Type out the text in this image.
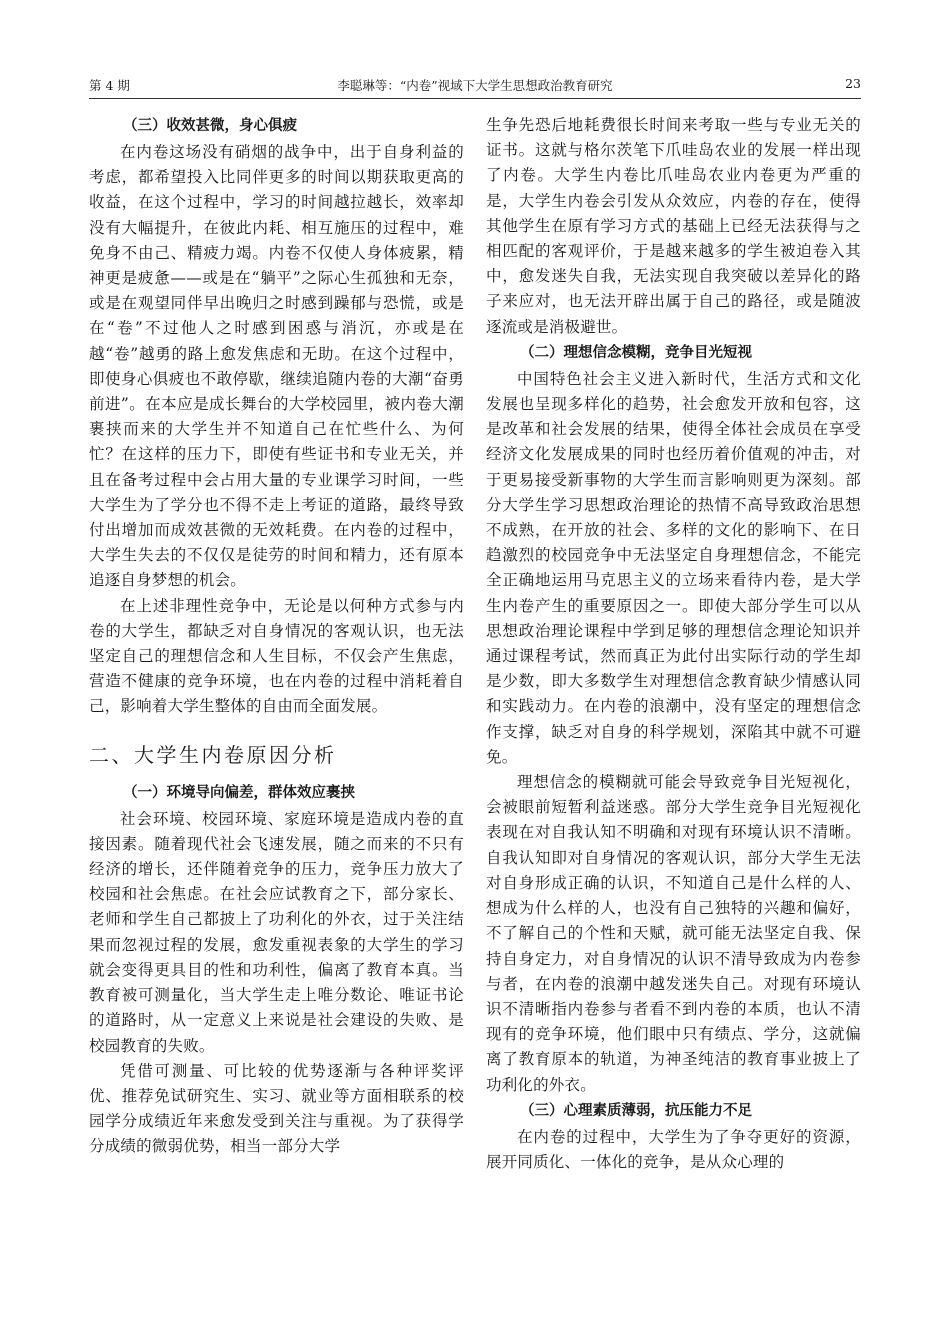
第 4 期	李聪琳等：“内卷”视域下大学生思想政治教育研究	23
（三）收效甚微，身心俱疲

在内卷这场没有硝烟的战争中，出于自身利益的考虑，都希望投入比同伴更多的时间以期获取更高的收益，在这个过程中，学习的时间越拉越长，效率却没有大幅提升，在彼此内耗、相互施压的过程中，难免身不由己、精疲力竭。内卷不仅使人身体疲累，精神更是疲惫——或是在“躺平”之际心生孤独和无奈，或是在观望同伴早出晚归之时感到躁郁与恐慌，或是在“卷”不过他人之时感到困惑与消沉，亦或是在越“卷”越勇的路上愈发焦虑和无助。在这个过程中，即使身心俱疲也不敢停歇，继续追随内卷的大潮“奋勇前进”。在本应是成长舞台的大学校园里，被内卷大潮裹挟而来的大学生并不知道自己在忙些什么、为何忙？在这样的压力下，即使有些证书和专业无关，并且在备考过程中会占用大量的专业课学习时间，一些大学生为了学分也不得不走上考证的道路，最终导致付出增加而成效甚微的无效耗费。在内卷的过程中，大学生失去的不仅仅是徒劳的时间和精力，还有原本追逐自身梦想的机会。

在上述非理性竞争中，无论是以何种方式参与内卷的大学生，都缺乏对自身情况的客观认识，也无法坚定自己的理想信念和人生目标，不仅会产生焦虑，营造不健康的竞争环境，也在内卷的过程中消耗着自己，影响着大学生整体的自由而全面发展。

二、大学生内卷原因分析
（一）环境导向偏差，群体效应裹挟

社会环境、校园环境、家庭环境是造成内卷的直接因素。随着现代社会飞速发展，随之而来的不只有经济的增长，还伴随着竞争的压力，竞争压力放大了校园和社会焦虑。在社会应试教育之下，部分家长、老师和学生自己都披上了功利化的外衣，过于关注结果而忽视过程的发展，愈发重视表象的大学生的学习就会变得更具目的性和功利性，偏离了教育本真。当教育被可测量化，当大学生走上唯分数论、唯证书论的道路时，从一定意义上来说是社会建设的失败、是校园教育的失败。

凭借可测量、可比较的优势逐渐与各种评奖评优、推荐免试研究生、实习、就业等方面相联系的校园学分成绩近年来愈发受到关注与重视。为了获得学分成绩的微弱优势，相当一部分大学

生争先恐后地耗费很长时间来考取一些与专业无关的证书。这就与格尔茨笔下爪哇岛农业的发展一样出现了内卷。大学生内卷比爪哇岛农业内卷更为严重的是，大学生内卷会引发从众效应，内卷的存在，使得其他学生在原有学习方式的基础上已经无法获得与之相匹配的客观评价，于是越来越多的学生被迫卷入其中，愈发迷失自我，无法实现自我突破以差异化的路子来应对，也无法开辟出属于自己的路径，或是随波逐流或是消极避世。

（二）理想信念模糊，竞争目光短视

中国特色社会主义进入新时代，生活方式和文化发展也呈现多样化的趋势，社会愈发开放和包容，这是改革和社会发展的结果，使得全体社会成员在享受经济文化发展成果的同时也经历着价值观的冲击，对于更易接受新事物的大学生而言影响则更为深刻。部分大学生学习思想政治理论的热情不高导致政治思想不成熟，在开放的社会、多样的文化的影响下、在日趋激烈的校园竞争中无法坚定自身理想信念，不能完全正确地运用马克思主义的立场来看待内卷，是大学生内卷产生的重要原因之一。即使大部分学生可以从思想政治理论课程中学到足够的理想信念理论知识并通过课程考试，然而真正为此付出实际行动的学生却是少数，即大多数学生对理想信念教育缺少情感认同和实践动力。在内卷的浪潮中，没有坚定的理想信念作支撑，缺乏对自身的科学规划，深陷其中就不可避免。

理想信念的模糊就可能会导致竞争目光短视化，会被眼前短暂利益迷惑。部分大学生竞争目光短视化表现在对自我认知不明确和对现有环境认识不清晰。自我认知即对自身情况的客观认识，部分大学生无法对自身形成正确的认识，不知道自己是什么样的人、想成为什么样的人，也没有自己独特的兴趣和偏好，不了解自己的个性和天赋，就可能无法坚定自我、保持自身定力，对自身情况的认识不清导致成为内卷参与者，在内卷的浪潮中越发迷失自己。对现有环境认识不清晰指内卷参与者看不到内卷的本质，也认不清现有的竞争环境，他们眼中只有绩点、学分，这就偏离了教育原本的轨道，为神圣纯洁的教育事业披上了功利化的外衣。

（三）心理素质薄弱，抗压能力不足

在内卷的过程中，大学生为了争夺更好的资源，展开同质化、一体化的竞争，是从众心理的
